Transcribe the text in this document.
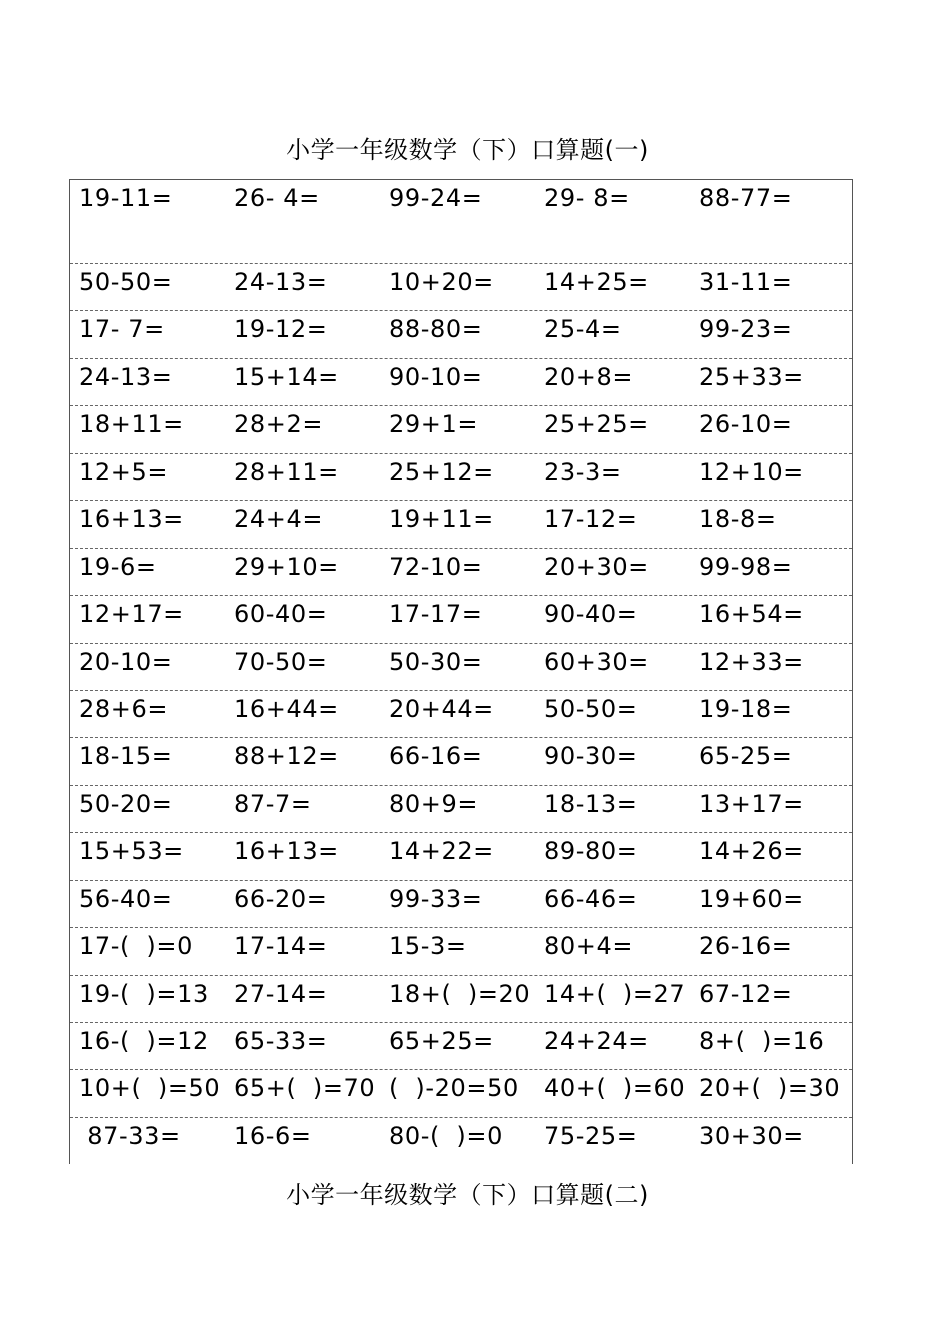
小学一年级数学（下）口算题(一)
19-11=	26- 4=	99-24=	29- 8=	88-77=
50-50=	24-13=	10+20=	14+25=	31-11=
17- 7=	19-12=	88-80=	25-4=	99-23=
24-13=	15+14=	90-10=	20+8=	25+33=
18+11=	28+2=	29+1=	25+25=	26-10=
12+5=	28+11=	25+12=	23-3=	12+10=
16+13=	24+4=	19+11=	17-12=	18-8=
19-6=	29+10=	72-10=	20+30=	99-98=
12+17=	60-40=	17-17=	90-40=	16+54=
20-10=	70-50=	50-30=	60+30=	12+33=
28+6=	16+44=	20+44=	50-50=	19-18=
18-15=	88+12=	66-16=	90-30=	65-25=
50-20=	87-7=	80+9=	18-13=	13+17=
15+53=	16+13=	14+22=	89-80=	14+26=
56-40=	66-20=	99-33=	66-46=	19+60=
17-(  )=0	17-14=	15-3=	80+4=	26-16=
19-(  )=13	27-14=	18+(  )=20 14+(  )=27 67-12=
16-(  )=12	65-33=	65+25=	24+24=	8+(  )=16
10+(  )=50 65+(  )=70 (  )-20=50	40+(  )=60 20+(  )=30
87-33=	16-6=	80-(  )=0	75-25=	30+30=
小学一年级数学（下）口算题(二)
